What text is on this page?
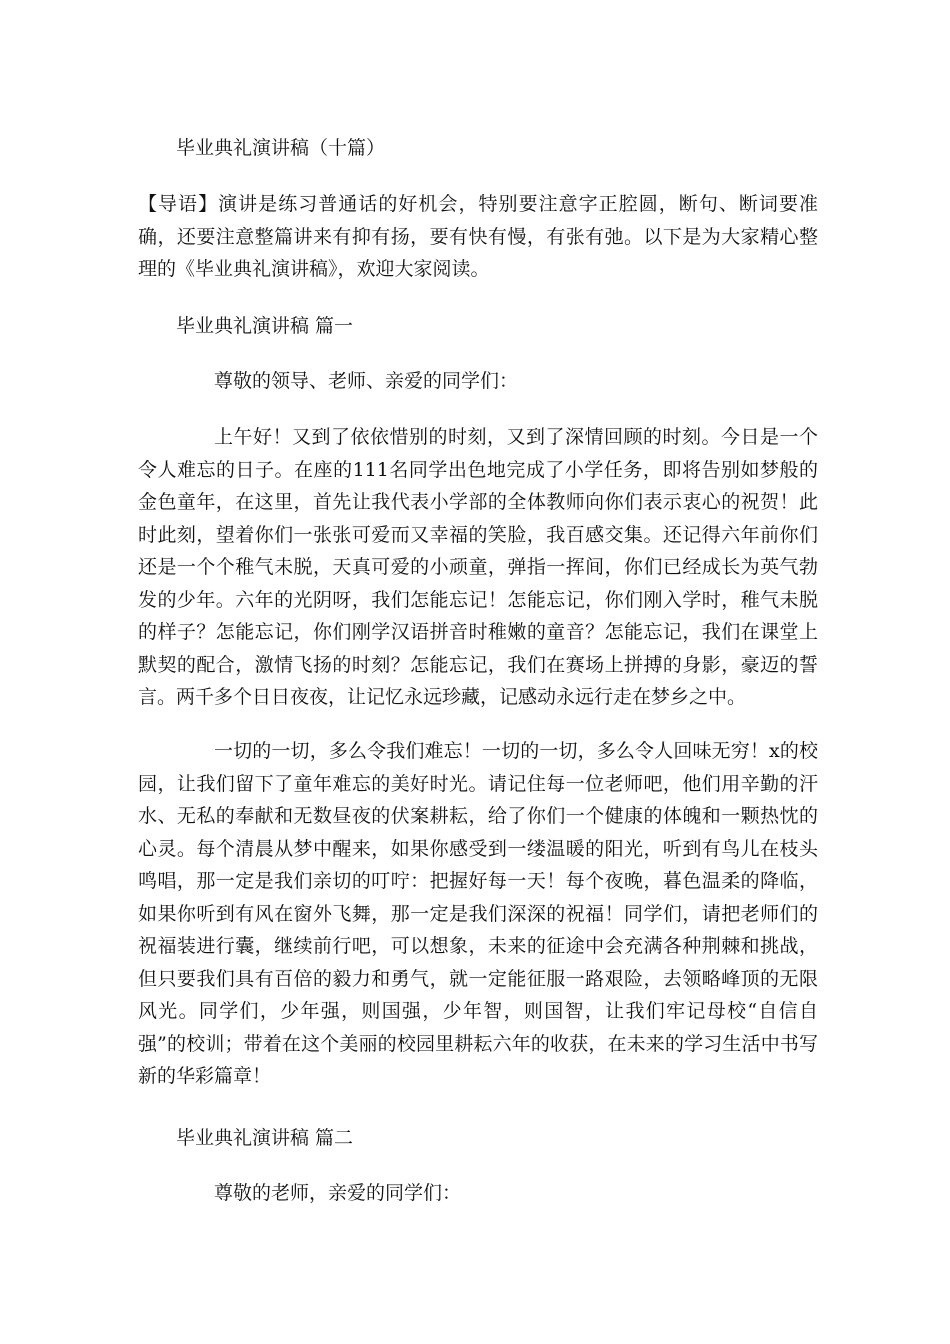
毕业典礼演讲稿（十篇）
【导语】演讲是练习普通话的好机会，特别要注意字正腔圆，断句、断词要准确，还要注意整篇讲来有抑有扬，要有快有慢，有张有弛。以下是为大家精心整理的《毕业典礼演讲稿》，欢迎大家阅读。
毕业典礼演讲稿 篇一
尊敬的领导、老师、亲爱的同学们：
上午好！又到了依依惜别的时刻，又到了深情回顾的时刻。今日是一个令人难忘的日子。在座的111名同学出色地完成了小学任务，即将告别如梦般的金色童年，在这里，首先让我代表小学部的全体教师向你们表示衷心的祝贺！此时此刻，望着你们一张张可爱而又幸福的笑脸，我百感交集。还记得六年前你们还是一个个稚气未脱，天真可爱的小顽童，弹指一挥间，你们已经成长为英气勃发的少年。六年的光阴呀，我们怎能忘记！怎能忘记，你们刚入学时，稚气未脱的样子？怎能忘记，你们刚学汉语拼音时稚嫩的童音？怎能忘记，我们在课堂上默契的配合，激情飞扬的时刻？怎能忘记，我们在赛场上拼搏的身影，豪迈的誓言。两千多个日日夜夜，让记忆永远珍藏，记感动永远行走在梦乡之中。
一切的一切，多么令我们难忘！一切的一切，多么令人回味无穷！x的校园，让我们留下了童年难忘的美好时光。请记住每一位老师吧，他们用辛勤的汗水、无私的奉献和无数昼夜的伏案耕耘，给了你们一个健康的体魄和一颗热忱的心灵。每个清晨从梦中醒来，如果你感受到一缕温暖的阳光，听到有鸟儿在枝头鸣唱，那一定是我们亲切的叮咛：把握好每一天！每个夜晚，暮色温柔的降临，如果你听到有风在窗外飞舞，那一定是我们深深的祝福！同学们，请把老师们的祝福装进行囊，继续前行吧，可以想象，未来的征途中会充满各种荆棘和挑战，但只要我们具有百倍的毅力和勇气，就一定能征服一路艰险，去领略峰顶的无限风光。同学们，少年强，则国强，少年智，则国智，让我们牢记母校“自信自强”的校训；带着在这个美丽的校园里耕耘六年的收获，在未来的学习生活中书写新的华彩篇章！
毕业典礼演讲稿 篇二
尊敬的老师，亲爱的同学们：
